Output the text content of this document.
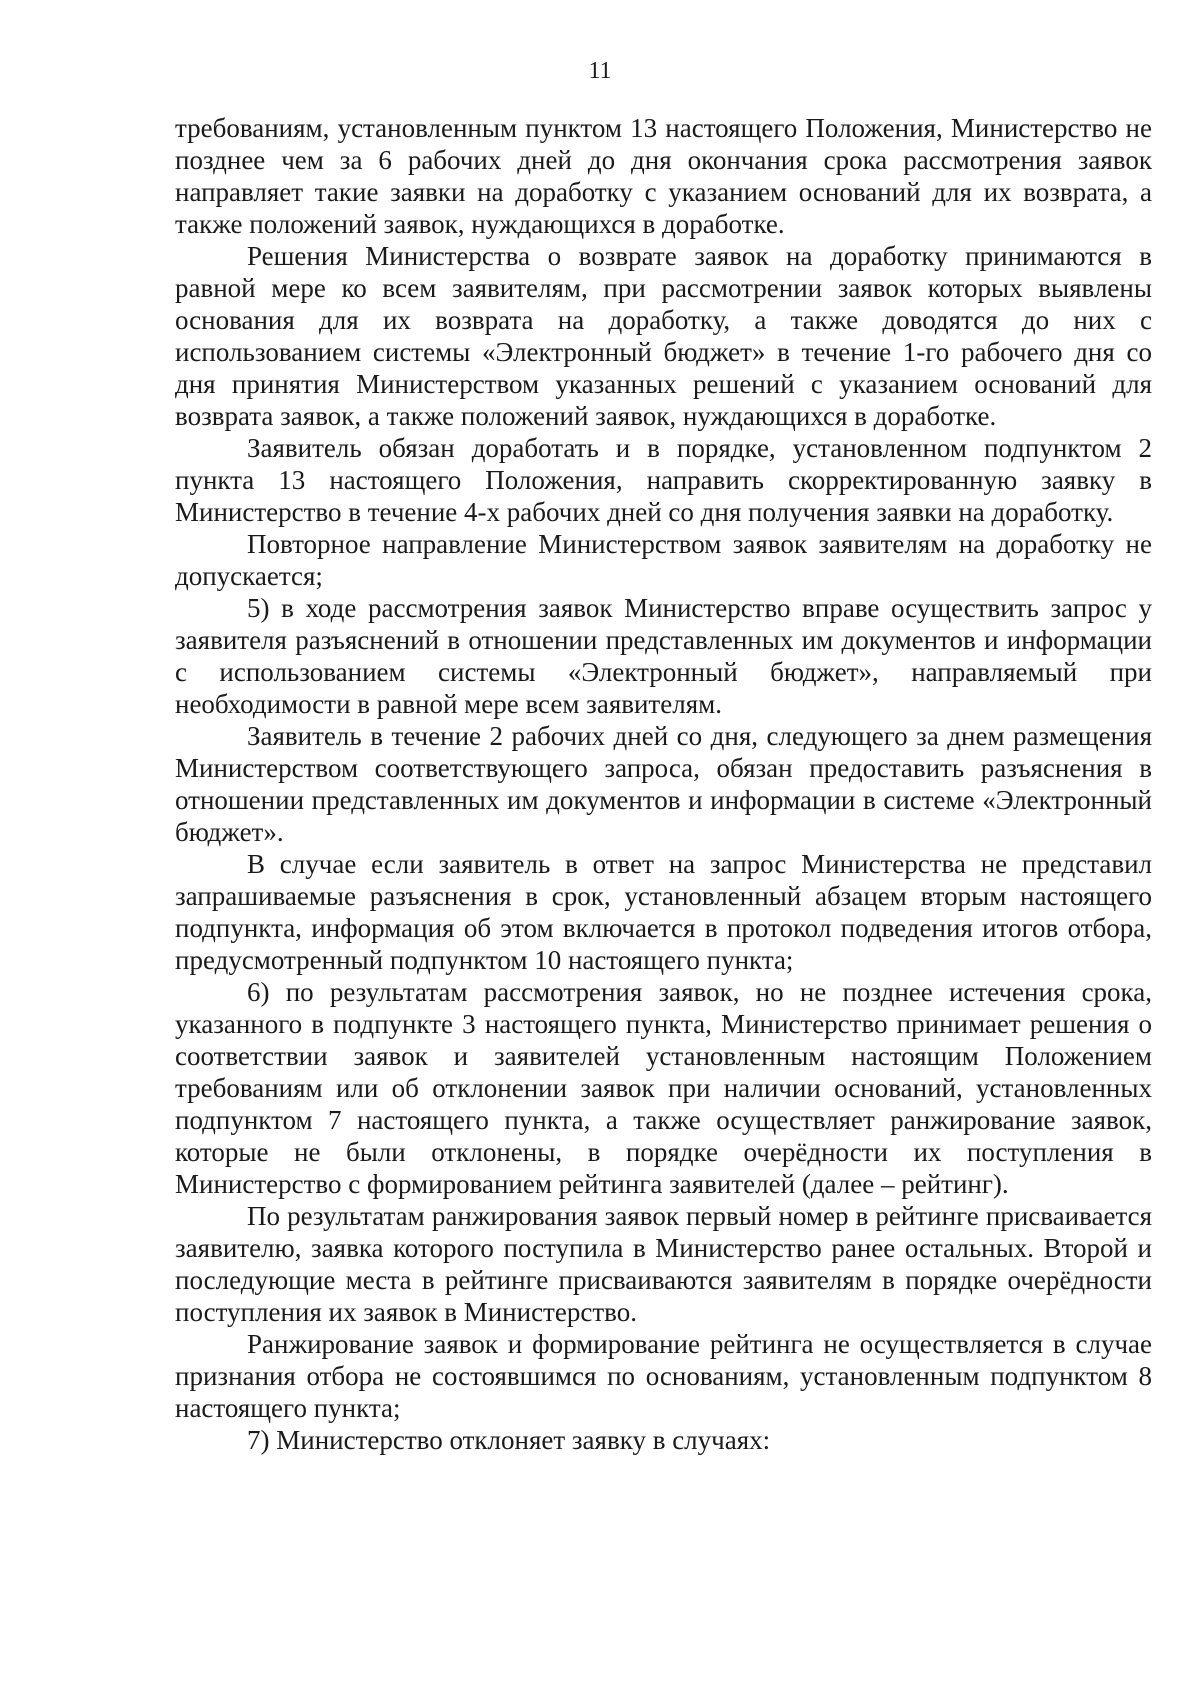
11

требованиям, установленным пунктом 13 настоящего Положения, Министерство не позднее чем за 6 рабочих дней до дня окончания срока рассмотрения заявок направляет такие заявки на доработку с указанием оснований для их возврата, а также положений заявок, нуждающихся в доработке.

Решения Министерства о возврате заявок на доработку принимаются в равной мере ко всем заявителям, при рассмотрении заявок которых выявлены основания для их возврата на доработку, а также доводятся до них с использованием системы «Электронный бюджет» в течение 1-го рабочего дня со дня принятия Министерством указанных решений с указанием оснований для возврата заявок, а также положений заявок, нуждающихся в доработке.

Заявитель обязан доработать и в порядке, установленном подпунктом 2 пункта 13 настоящего Положения, направить скорректированную заявку в Министерство в течение 4-х рабочих дней со дня получения заявки на доработку.

Повторное направление Министерством заявок заявителям на доработку не допускается;

5) в ходе рассмотрения заявок Министерство вправе осуществить запрос у заявителя разъяснений в отношении представленных им документов и информации с использованием системы «Электронный бюджет», направляемый при необходимости в равной мере всем заявителям.

Заявитель в течение 2 рабочих дней со дня, следующего за днем размещения Министерством соответствующего запроса, обязан предоставить разъяснения в отношении представленных им документов и информации в системе «Электронный бюджет».

В случае если заявитель в ответ на запрос Министерства не представил запрашиваемые разъяснения в срок, установленный абзацем вторым настоящего подпункта, информация об этом включается в протокол подведения итогов отбора, предусмотренный подпунктом 10 настоящего пункта;

6) по результатам рассмотрения заявок, но не позднее истечения срока, указанного в подпункте 3 настоящего пункта, Министерство принимает решения о соответствии заявок и заявителей установленным настоящим Положением требованиям или об отклонении заявок при наличии оснований, установленных подпунктом 7 настоящего пункта, а также осуществляет ранжирование заявок, которые не были отклонены, в порядке очерёдности их поступления в Министерство с формированием рейтинга заявителей (далее – рейтинг).

По результатам ранжирования заявок первый номер в рейтинге присваивается заявителю, заявка которого поступила в Министерство ранее остальных. Второй и последующие места в рейтинге присваиваются заявителям в порядке очерёдности поступления их заявок в Министерство.

Ранжирование заявок и формирование рейтинга не осуществляется в случае признания отбора не состоявшимся по основаниям, установленным подпунктом 8 настоящего пункта;

7) Министерство отклоняет заявку в случаях:
